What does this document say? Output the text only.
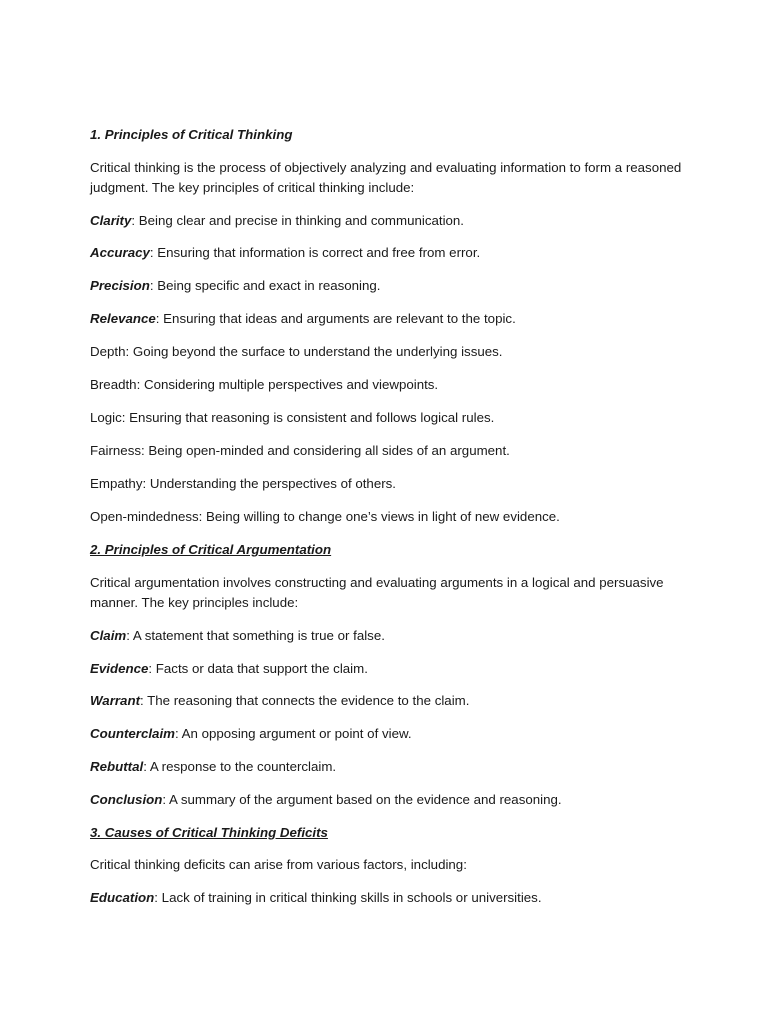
1. Principles of Critical Thinking
Critical thinking is the process of objectively analyzing and evaluating information to form a reasoned
judgment. The key principles of critical thinking include:
Clarity: Being clear and precise in thinking and communication.
Accuracy: Ensuring that information is correct and free from error.
Precision: Being specific and exact in reasoning.
Relevance: Ensuring that ideas and arguments are relevant to the topic.
Depth: Going beyond the surface to understand the underlying issues.
Breadth: Considering multiple perspectives and viewpoints.
Logic: Ensuring that reasoning is consistent and follows logical rules.
Fairness: Being open-minded and considering all sides of an argument.
Empathy: Understanding the perspectives of others.
Open-mindedness: Being willing to change one’s views in light of new evidence.
2. Principles of Critical Argumentation
Critical argumentation involves constructing and evaluating arguments in a logical and persuasive
manner. The key principles include:
Claim: A statement that something is true or false.
Evidence: Facts or data that support the claim.
Warrant: The reasoning that connects the evidence to the claim.
Counterclaim: An opposing argument or point of view.
Rebuttal: A response to the counterclaim.
Conclusion: A summary of the argument based on the evidence and reasoning.
3. Causes of Critical Thinking Deficits
Critical thinking deficits can arise from various factors, including:
Education: Lack of training in critical thinking skills in schools or universities.
